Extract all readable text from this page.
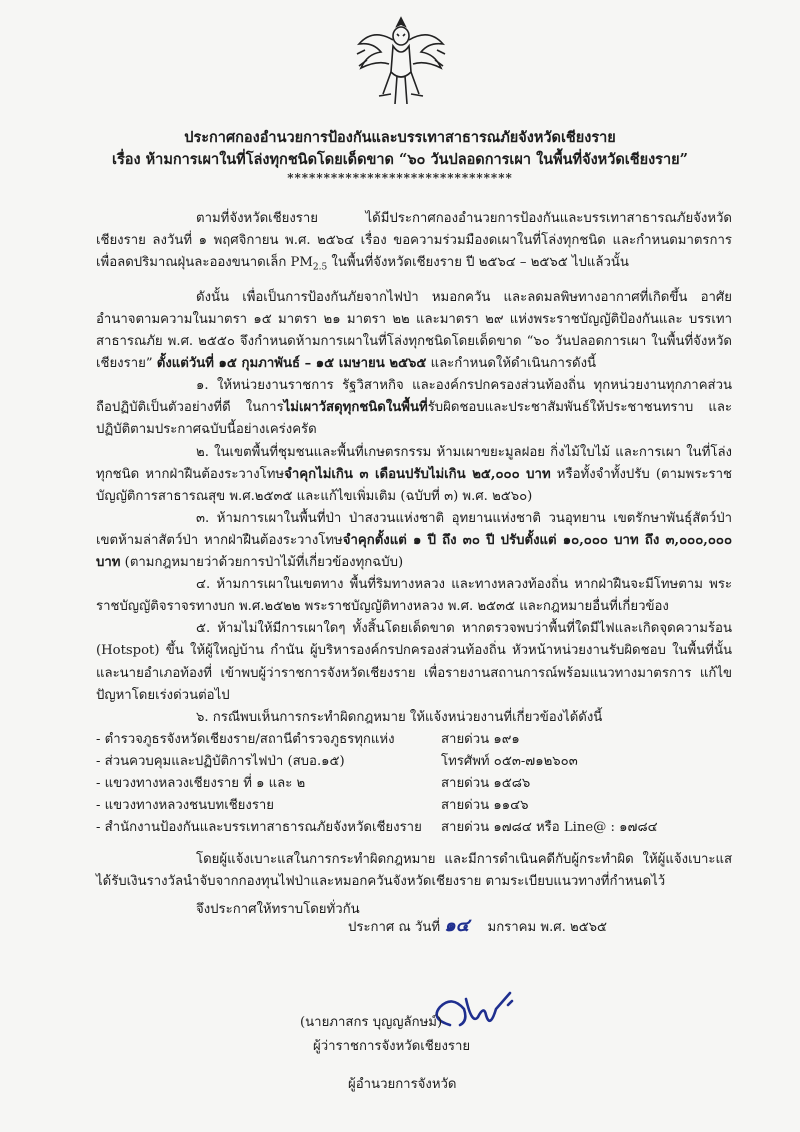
ประกาศกองอำนวยการป้องกันและบรรเทาสาธารณภัยจังหวัดเชียงราย
เรื่อง ห้ามการเผาในที่โล่งทุกชนิดโดยเด็ดขาด “๖๐ วันปลอดการเผา ในพื้นที่จังหวัดเชียงราย”
*******************************

ตามที่จังหวัดเชียงราย ได้มีประกาศกองอำนวยการป้องกันและบรรเทาสาธารณภัยจังหวัดเชียงราย ลงวันที่ ๑ พฤศจิกายน พ.ศ. ๒๕๖๔ เรื่อง ขอความร่วมมืองดเผาในที่โล่งทุกชนิด และกำหนดมาตรการ เพื่อลดปริมาณฝุ่นละอองขนาดเล็ก $PM_{2.5}$ ในพื้นที่จังหวัดเชียงราย ปี ๒๕๖๔ – ๒๕๖๕ ไปแล้วนั้น

ดังนั้น เพื่อเป็นการป้องกันภัยจากไฟป่า หมอกควัน และลดมลพิษทางอากาศที่เกิดขึ้น อาศัยอำนาจตามความในมาตรา ๑๕ มาตรา ๒๑ มาตรา ๒๒ และมาตรา ๒๙ แห่งพระราชบัญญัติป้องกันและ บรรเทาสาธารณภัย พ.ศ. ๒๕๕๐ จึงกำหนดห้ามการเผาในที่โล่งทุกชนิดโดยเด็ดขาด “๖๐ วันปลอดการเผา ในพื้นที่จังหวัดเชียงราย” ตั้งแต่วันที่ ๑๕ กุมภาพันธ์ – ๑๕ เมษายน ๒๕๖๕ และกำหนดให้ดำเนินการดังนี้

๑. ให้หน่วยงานราชการ รัฐวิสาหกิจ และองค์กรปกครองส่วนท้องถิ่น ทุกหน่วยงานทุกภาคส่วน ถือปฏิบัติเป็นตัวอย่างที่ดี ในการไม่เผาวัสดุทุกชนิดในพื้นที่รับผิดชอบและประชาสัมพันธ์ให้ประชาชนทราบ และปฏิบัติตามประกาศฉบับนี้อย่างเคร่งครัด

๒. ในเขตพื้นที่ชุมชนและพื้นที่เกษตรกรรม ห้ามเผาขยะมูลฝอย กิ่งไม้ใบไม้ และการเผา ในที่โล่งทุกชนิด หากฝ่าฝืนต้องระวางโทษจำคุกไม่เกิน ๓ เดือนปรับไม่เกิน ๒๕,๐๐๐ บาท หรือทั้งจำทั้งปรับ (ตามพระราชบัญญัติการสาธารณสุข พ.ศ.๒๕๓๕ และแก้ไขเพิ่มเติม (ฉบับที่ ๓) พ.ศ. ๒๕๖๐)

๓. ห้ามการเผาในพื้นที่ป่า ป่าสงวนแห่งชาติ อุทยานแห่งชาติ วนอุทยาน เขตรักษาพันธุ์สัตว์ป่า เขตห้ามล่าสัตว์ป่า หากฝ่าฝืนต้องระวางโทษจำคุกตั้งแต่ ๑ ปี ถึง ๓๐ ปี ปรับตั้งแต่ ๑๐,๐๐๐ บาท ถึง ๓,๐๐๐,๐๐๐ บาท (ตามกฎหมายว่าด้วยการป่าไม้ที่เกี่ยวข้องทุกฉบับ)

๔. ห้ามการเผาในเขตทาง พื้นที่ริมทางหลวง และทางหลวงท้องถิ่น หากฝ่าฝืนจะมีโทษตาม พระราชบัญญัติจราจรทางบก พ.ศ.๒๕๒๒ พระราชบัญญัติทางหลวง พ.ศ. ๒๕๓๕ และกฎหมายอื่นที่เกี่ยวข้อง

๕. ห้ามไม่ให้มีการเผาใดๆ ทั้งสิ้นโดยเด็ดขาด หากตรวจพบว่าพื้นที่ใดมีไฟและเกิดจุดความร้อน (Hotspot) ขึ้น ให้ผู้ใหญ่บ้าน กำนัน ผู้บริหารองค์กรปกครองส่วนท้องถิ่น หัวหน้าหน่วยงานรับผิดชอบ ในพื้นที่นั้น และนายอำเภอท้องที่ เข้าพบผู้ว่าราชการจังหวัดเชียงราย เพื่อรายงานสถานการณ์พร้อมแนวทางมาตรการ แก้ไขปัญหาโดยเร่งด่วนต่อไป

๖. กรณีพบเห็นการกระทำผิดกฎหมาย ให้แจ้งหน่วยงานที่เกี่ยวข้องได้ดังนี้

- ตำรวจภูธรจังหวัดเชียงราย/สถานีตำรวจภูธรทุกแห่ง	สายด่วน ๑๙๑
- ส่วนควบคุมและปฏิบัติการไฟป่า (สบอ.๑๕)	โทรศัพท์ ๐๕๓-๗๑๒๖๐๓
- แขวงทางหลวงเชียงราย ที่ ๑ และ ๒	สายด่วน ๑๕๘๖
- แขวงทางหลวงชนบทเชียงราย	สายด่วน ๑๑๔๖
- สำนักงานป้องกันและบรรเทาสาธารณภัยจังหวัดเชียงราย	สายด่วน ๑๗๘๔ หรือ Line@ : ๑๗๘๔

โดยผู้แจ้งเบาะแสในการกระทำผิดกฎหมาย และมีการดำเนินคดีกับผู้กระทำผิด ให้ผู้แจ้งเบาะแส ได้รับเงินรางวัลนำจับจากกองทุนไฟป่าและหมอกควันจังหวัดเชียงราย ตามระเบียบแนวทางที่กำหนดไว้

จึงประกาศให้ทราบโดยทั่วกัน

ประกาศ ณ วันที่ ๑๔ มกราคม พ.ศ. ๒๕๖๕
(นายภาสกร บุญญลักษม์)
ผู้ว่าราชการจังหวัดเชียงราย
ผู้อำนวยการจังหวัด
